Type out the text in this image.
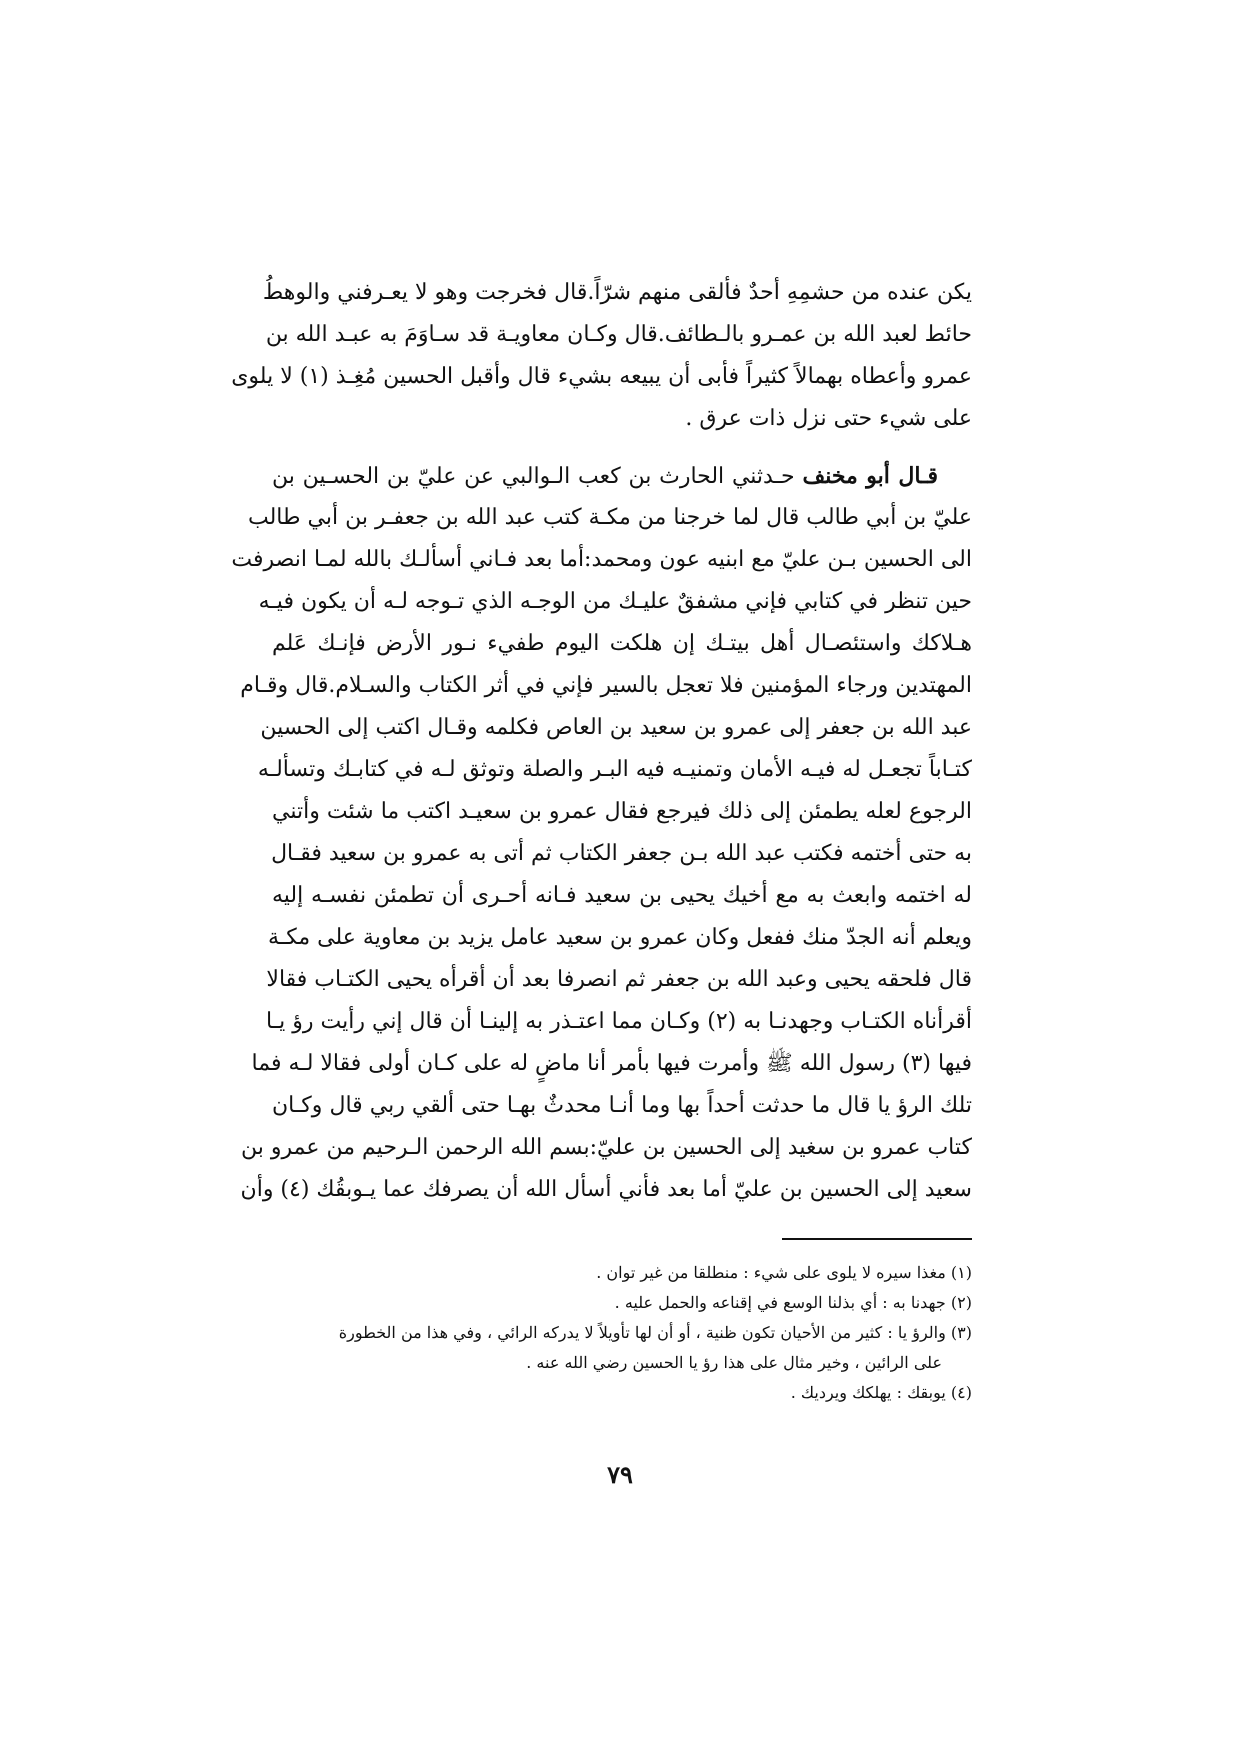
يكن عنده من حشمِهِ أحدٌ فألقى منهم شرّاً.قال فخرجت وهو لا يعـرفني والوهطُ
حائط لعبد الله بن عمـرو بالـطائف.قال وكـان معاويـة قد سـاوَمَ به عبـد الله بن
عمرو وأعطاه بهمالاً كثيراً فأبى أن يبيعه بشيء قال وأقبل الحسين مُغِـذ (١) لا يلوى
على شيء حتى نزل ذات عرق .
قـال أبو مخنف حـدثني الحارث بن كعب الـوالبي عن عليّ بن الحسـين بن
عليّ بن أبي طالب قال لما خرجنا من مكـة كتب عبد الله بن جعفـر بن أبي طالب
الى الحسين بـن عليّ مع ابنيه عون ومحمد:أما بعد فـاني أسألـك بالله لمـا انصرفت
حين تنظر في كتابي فإني مشفقٌ عليـك من الوجـه الذي تـوجه لـه أن يكون فيـه
هـلاكك واستئصـال أهل بيتـك إن هلكت اليوم طفيء نـور الأرض فإنـك عَلم
المهتدين ورجاء المؤمنين فلا تعجل بالسير فإني في أثر الكتاب والسـلام.قال وقـام
عبد الله بن جعفر إلى عمرو بن سعيد بن العاص فكلمه وقـال اكتب إلى الحسين
كتـاباً تجعـل له فيـه الأمان وتمنيـه فيه البـر والصلة وتوثق لـه في كتابـك وتسألـه
الرجوع لعله يطمئن إلى ذلك فيرجع فقال عمرو بن سعيـد اكتب ما شئت وأتني
به حتى أختمه فكتب عبد الله بـن جعفر الكتاب ثم أتى به عمرو بن سعيد فقـال
له اختمه وابعث به مع أخيك يحيى بن سعيد فـانه أحـرى أن تطمئن نفسـه إليه
ويعلم أنه الجدّ منك ففعل وكان عمرو بن سعيد عامل يزيد بن معاوية على مكـة
قال فلحقه يحيى وعبد الله بن جعفر ثم انصرفا بعد أن أقرأه يحيى الكتـاب فقالا
أقرأناه الكتـاب وجهدنـا به (٢) وكـان مما اعتـذر به إلينـا أن قال إني رأيت رؤ يـا
فيها (٣) رسول الله ﷺ وأمرت فيها بأمر أنا ماضٍ له على كـان أولى فقالا لـه فما
تلك الرؤ يا قال ما حدثت أحداً بها وما أنـا محدثٌ بهـا حتى ألقي ربي قال وكـان
كتاب عمرو بن سغيد إلى الحسين بن عليّ:بسم الله الرحمن الـرحيم من عمرو بن
سعيد إلى الحسين بن عليّ أما بعد فأني أسأل الله أن يصرفك عما يـوبقُك (٤) وأن
(١) مغذا سيره لا يلوى على شيء : منطلقا من غير توان .
(٢) جهدنا به : أي بذلنا الوسع في إقناعه والحمل عليه .
(٣) والرؤ يا : كثير من الأحيان تكون ظنية ، أو أن لها تأويلاً لا يدركه الرائي ، وفي هذا من الخطورة
على الرائين ، وخير مثال على هذا رؤ يا الحسين رضي الله عنه .
(٤) يوبقك : يهلكك ويرديك .
٧٩
